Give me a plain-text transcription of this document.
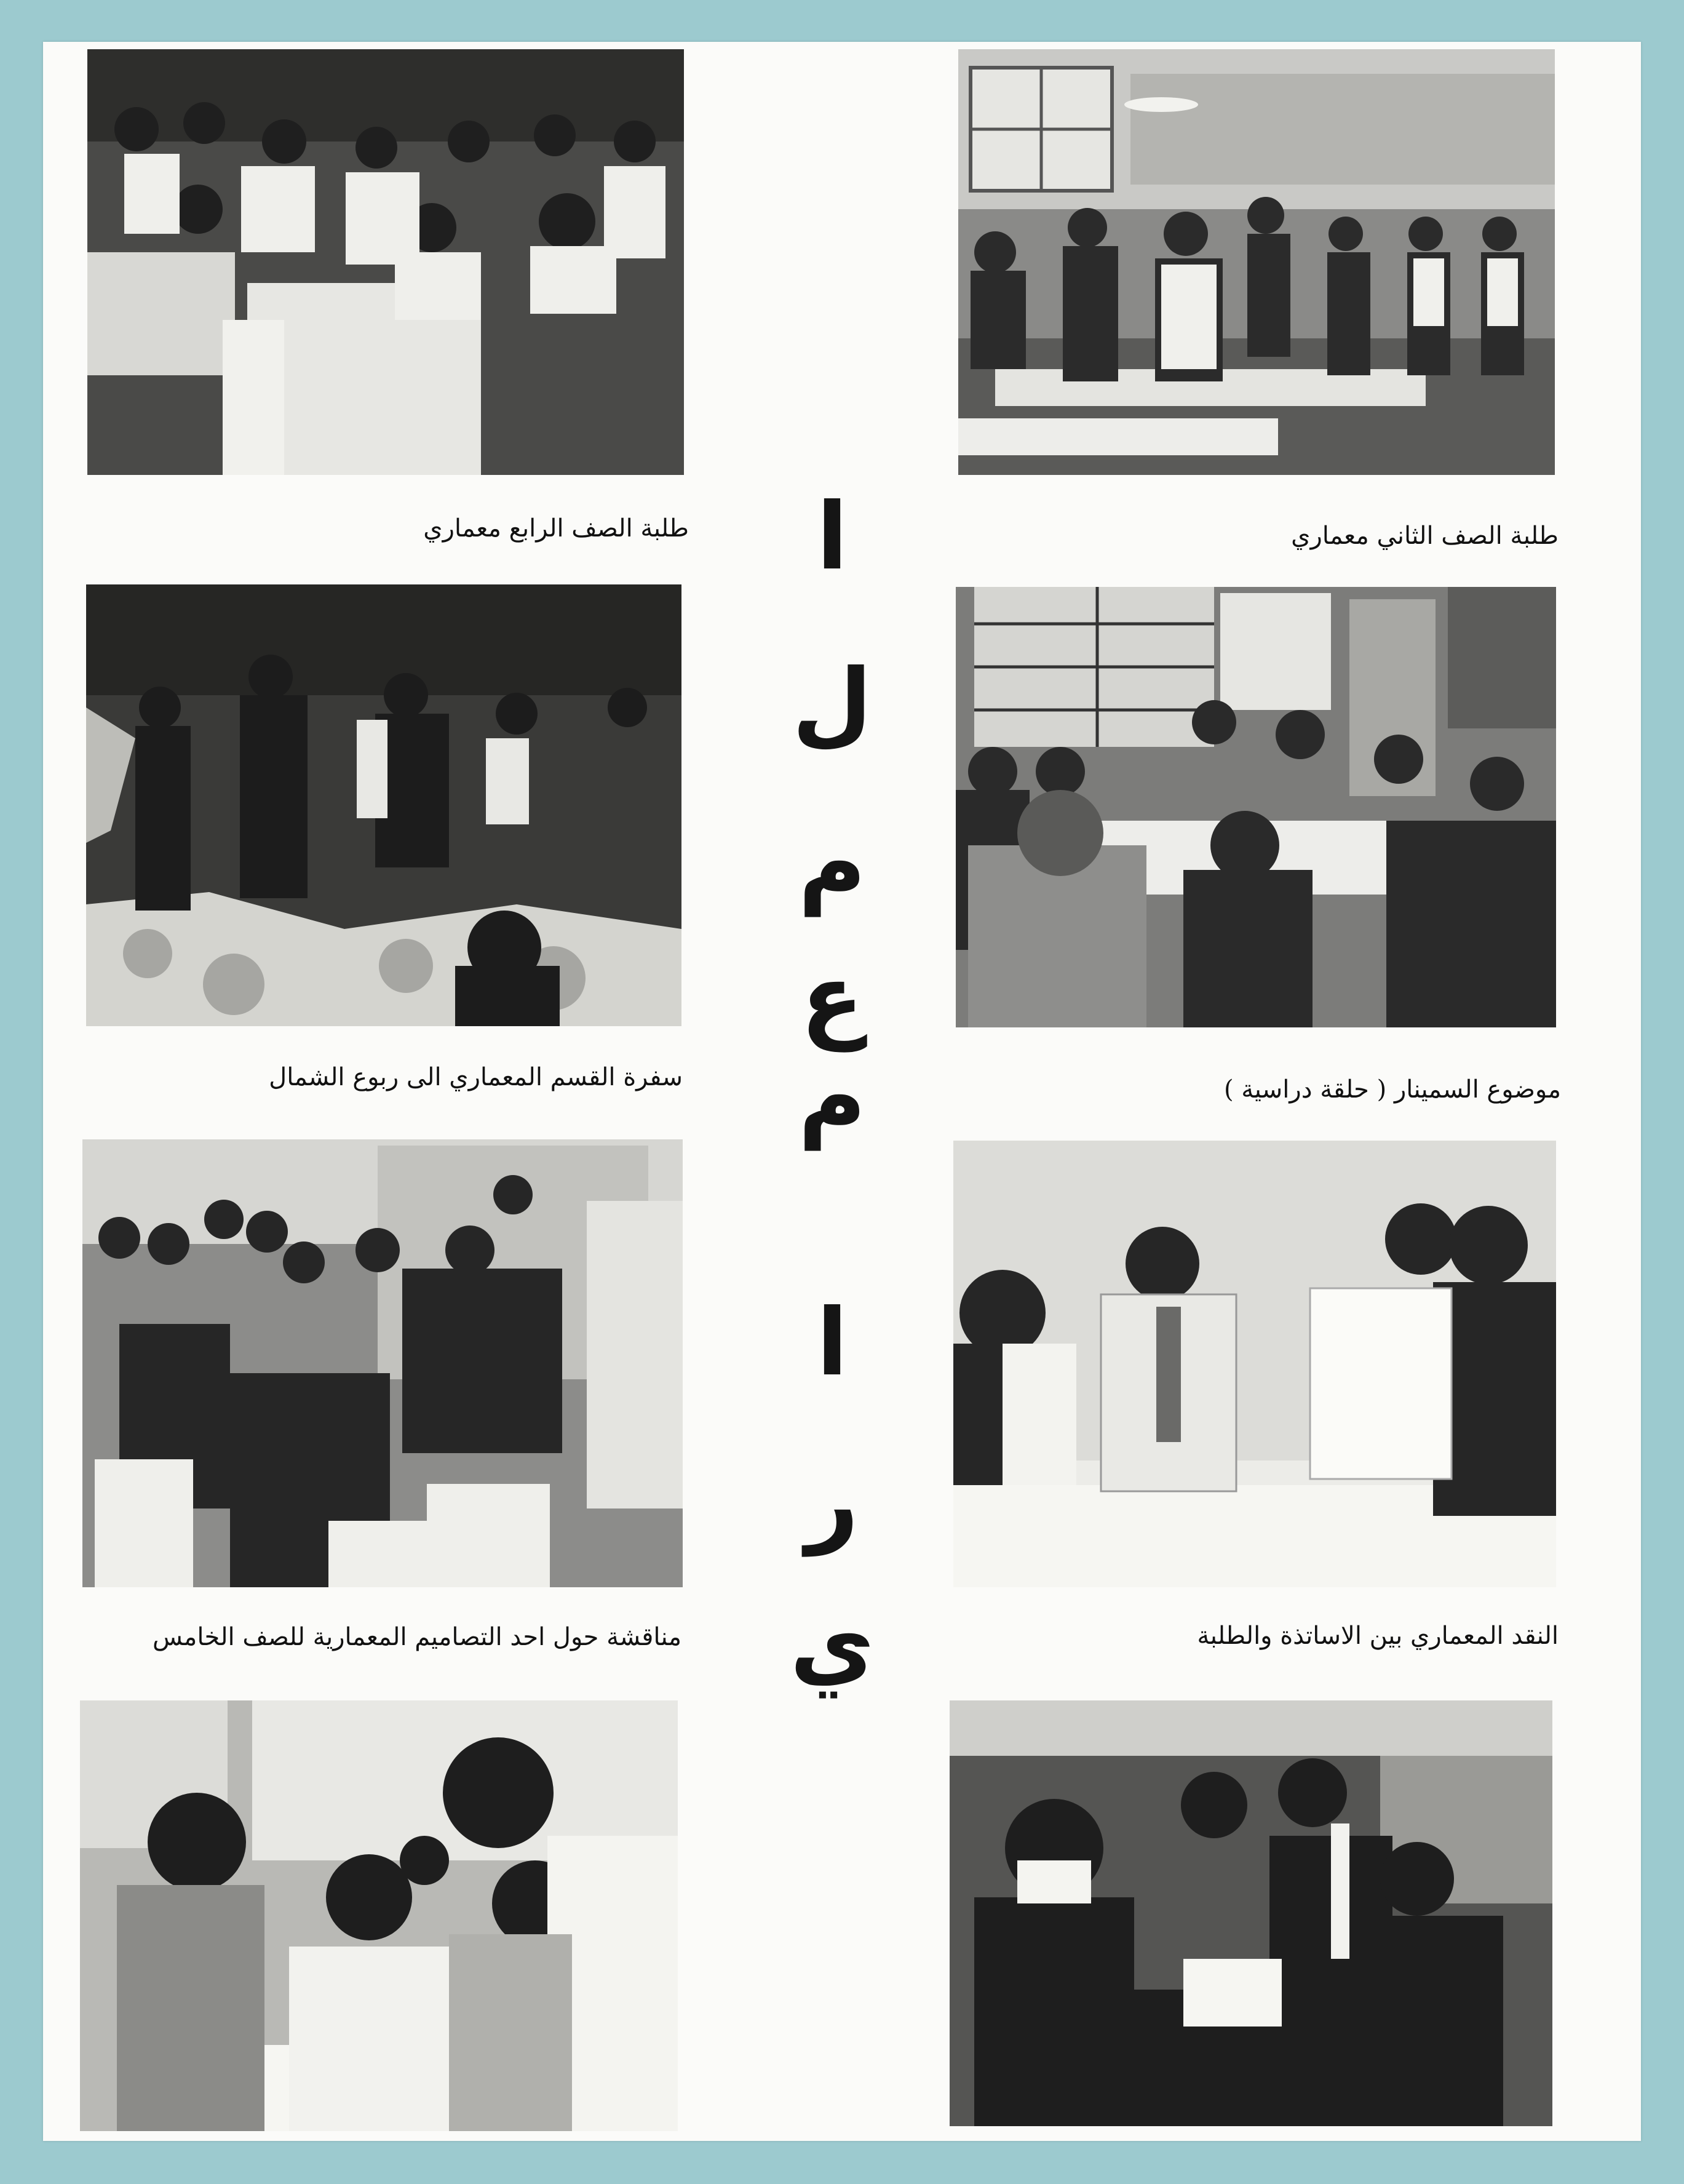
طلبة الصف الثاني معماري
طلبة الصف الرابع معماري
موضوع السمينار ( حلقة دراسية )
سفرة القسم المعماري الى ربوع الشمال
النقد المعماري بين الاساتذة والطلبة
مناقشة حول احد التصاميم المعمارية للصف الخامس
ا
ل
م
ع
م
ا
ر
ي
